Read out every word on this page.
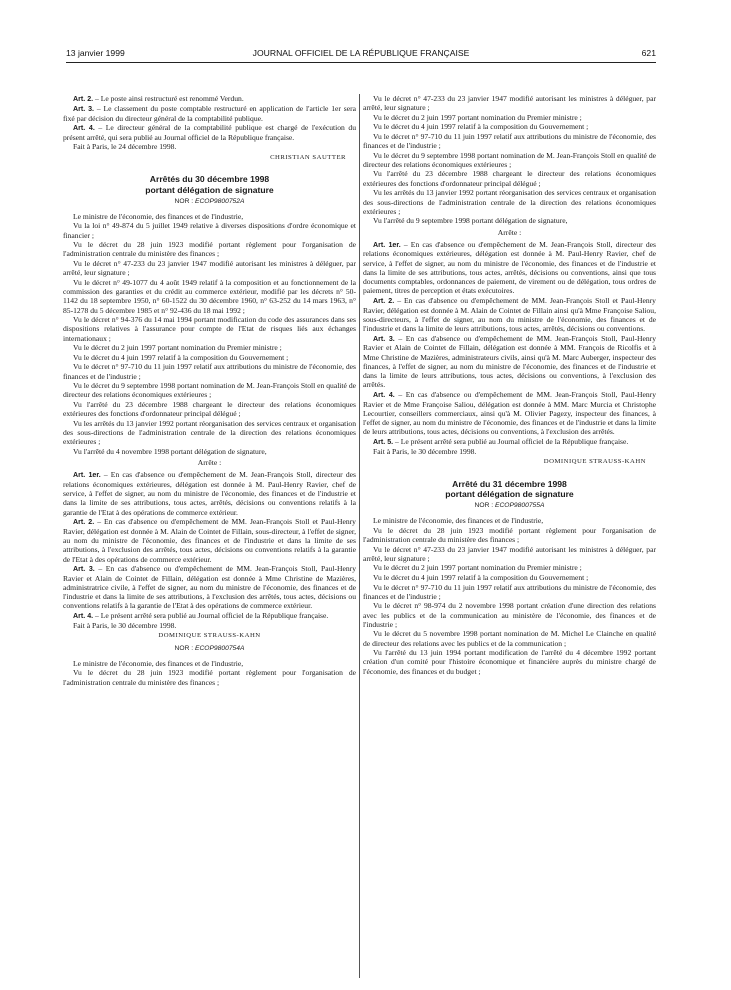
13 janvier 1999	JOURNAL OFFICIEL DE LA RÉPUBLIQUE FRANÇAISE	621

Art. 2. – Le poste ainsi restructuré est renommé Verdun.

Art. 3. – Le classement du poste comptable restructuré en application de l'article 1er sera fixé par décision du directeur général de la comptabilité publique.

Art. 4. – Le directeur général de la comptabilité publique est chargé de l'exécution du présent arrêté, qui sera publié au Journal officiel de la République française.

Fait à Paris, le 24 décembre 1998.

CHRISTIAN SAUTTER
Arrêtés du 30 décembre 1998
portant délégation de signature
NOR : ECOP9800752A

Le ministre de l'économie, des finances et de l'industrie,

Vu la loi n° 49-874 du 5 juillet 1949 relative à diverses dispositions d'ordre économique et financier ;

Vu le décret du 28 juin 1923 modifié portant règlement pour l'organisation de l'administration centrale du ministère des finances ;

Vu le décret n° 47-233 du 23 janvier 1947 modifié autorisant les ministres à déléguer, par arrêté, leur signature ;

Vu le décret n° 49-1077 du 4 août 1949 relatif à la composition et au fonctionnement de la commission des garanties et du crédit au commerce extérieur, modifié par les décrets n° 50-1142 du 18 septembre 1950, n° 60-1522 du 30 décembre 1960, n° 63-252 du 14 mars 1963, n° 85-1278 du 5 décembre 1985 et n° 92-436 du 18 mai 1992 ;

Vu le décret n° 94-376 du 14 mai 1994 portant modification du code des assurances dans ses dispositions relatives à l'assurance pour compte de l'Etat de risques liés aux échanges internationaux ;

Vu le décret du 2 juin 1997 portant nomination du Premier ministre ;

Vu le décret du 4 juin 1997 relatif à la composition du Gouvernement ;

Vu le décret n° 97-710 du 11 juin 1997 relatif aux attributions du ministre de l'économie, des finances et de l'industrie ;

Vu le décret du 9 septembre 1998 portant nomination de M. Jean-François Stoll en qualité de directeur des relations économiques extérieures ;

Vu l'arrêté du 23 décembre 1988 chargeant le directeur des relations économiques extérieures des fonctions d'ordonnateur principal délégué ;

Vu les arrêtés du 13 janvier 1992 portant réorganisation des services centraux et organisation des sous-directions de l'administration centrale de la direction des relations économiques extérieures ;

Vu l'arrêté du 4 novembre 1998 portant délégation de signature,

Arrête :

Art. 1er. – En cas d'absence ou d'empêchement de M. Jean-François Stoll, directeur des relations économiques extérieures, délégation est donnée à M. Paul-Henry Ravier, chef de service, à l'effet de signer, au nom du ministre de l'économie, des finances et de l'industrie et dans la limite de ses attributions, tous actes, arrêtés, décisions ou conventions relatifs à la garantie de l'Etat à des opérations de commerce extérieur.

Art. 2. – En cas d'absence ou d'empêchement de MM. Jean-François Stoll et Paul-Henry Ravier, délégation est donnée à M. Alain de Cointet de Fillain, sous-directeur, à l'effet de signer, au nom du ministre de l'économie, des finances et de l'industrie et dans la limite de ses attributions, à l'exclusion des arrêtés, tous actes, décisions ou conventions relatifs à la garantie de l'Etat à des opérations de commerce extérieur.

Art. 3. – En cas d'absence ou d'empêchement de MM. Jean-François Stoll, Paul-Henry Ravier et Alain de Cointet de Fillain, délégation est donnée à Mme Christine de Mazières, administratrice civile, à l'effet de signer, au nom du ministre de l'économie, des finances et de l'industrie et dans la limite de ses attributions, à l'exclusion des arrêtés, tous actes, décisions ou conventions relatifs à la garantie de l'Etat à des opérations de commerce extérieur.

Art. 4. – Le présent arrêté sera publié au Journal officiel de la République française.

Fait à Paris, le 30 décembre 1998.

DOMINIQUE STRAUSS-KAHN
NOR : ECOP9800754A

Le ministre de l'économie, des finances et de l'industrie,

Vu le décret du 28 juin 1923 modifié portant règlement pour l'organisation de l'administration centrale du ministère des finances ;

Vu le décret n° 47-233 du 23 janvier 1947 modifié autorisant les ministres à déléguer, par arrêté, leur signature ;

Vu le décret du 2 juin 1997 portant nomination du Premier ministre ;

Vu le décret du 4 juin 1997 relatif à la composition du Gouvernement ;

Vu le décret n° 97-710 du 11 juin 1997 relatif aux attributions du ministre de l'économie, des finances et de l'industrie ;

Vu le décret du 9 septembre 1998 portant nomination de M. Jean-François Stoll en qualité de directeur des relations économiques extérieures ;

Vu l'arrêté du 23 décembre 1988 chargeant le directeur des relations économiques extérieures des fonctions d'ordonnateur principal délégué ;

Vu les arrêtés du 13 janvier 1992 portant réorganisation des services centraux et organisation des sous-directions de l'administration centrale de la direction des relations économiques extérieures ;

Vu l'arrêté du 9 septembre 1998 portant délégation de signature,

Arrête :

Art. 1er. – En cas d'absence ou d'empêchement de M. Jean-François Stoll, directeur des relations économiques extérieures, délégation est donnée à M. Paul-Henry Ravier, chef de service, à l'effet de signer, au nom du ministre de l'économie, des finances et de l'industrie et dans la limite de ses attributions, tous actes, arrêtés, décisions ou conventions, ainsi que tous documents comptables, ordonnances de paiement, de virement ou de délégation, tous ordres de paiement, titres de perception et états exécutoires.

Art. 2. – En cas d'absence ou d'empêchement de MM. Jean-François Stoll et Paul-Henry Ravier, délégation est donnée à M. Alain de Cointet de Fillain ainsi qu'à Mme Françoise Saliou, sous-directeurs, à l'effet de signer, au nom du ministre de l'économie, des finances et de l'industrie et dans la limite de leurs attributions, tous actes, arrêtés, décisions ou conventions.

Art. 3. – En cas d'absence ou d'empêchement de MM. Jean-François Stoll, Paul-Henry Ravier et Alain de Cointet de Fillain, délégation est donnée à MM. François de Ricolfis et à Mme Christine de Mazières, administrateurs civils, ainsi qu'à M. Marc Auberger, inspecteur des finances, à l'effet de signer, au nom du ministre de l'économie, des finances et de l'industrie et dans la limite de leurs attributions, tous actes, décisions ou conventions, à l'exclusion des arrêtés.

Art. 4. – En cas d'absence ou d'empêchement de MM. Jean-François Stoll, Paul-Henry Ravier et de Mme Françoise Saliou, délégation est donnée à MM. Marc Murcia et Christophe Lecourtier, conseillers commerciaux, ainsi qu'à M. Olivier Pagezy, inspecteur des finances, à l'effet de signer, au nom du ministre de l'économie, des finances et de l'industrie et dans la limite de leurs attributions, tous actes, décisions ou conventions, à l'exclusion des arrêtés.

Art. 5. – Le présent arrêté sera publié au Journal officiel de la République française.

Fait à Paris, le 30 décembre 1998.

DOMINIQUE STRAUSS-KAHN
Arrêté du 31 décembre 1998
portant délégation de signature
NOR : ECOP9800755A

Le ministre de l'économie, des finances et de l'industrie,

Vu le décret du 28 juin 1923 modifié portant règlement pour l'organisation de l'administration centrale du ministère des finances ;

Vu le décret n° 47-233 du 23 janvier 1947 modifié autorisant les ministres à déléguer, par arrêté, leur signature ;

Vu le décret du 2 juin 1997 portant nomination du Premier ministre ;

Vu le décret du 4 juin 1997 relatif à la composition du Gouvernement ;

Vu le décret n° 97-710 du 11 juin 1997 relatif aux attributions du ministre de l'économie, des finances et de l'industrie ;

Vu le décret n° 98-974 du 2 novembre 1998 portant création d'une direction des relations avec les publics et de la communication au ministère de l'économie, des finances et de l'industrie ;

Vu le décret du 5 novembre 1998 portant nomination de M. Michel Le Clainche en qualité de directeur des relations avec les publics et de la communication ;

Vu l'arrêté du 13 juin 1994 portant modification de l'arrêté du 4 décembre 1992 portant création d'un comité pour l'histoire économique et financière auprès du ministre chargé de l'économie, des finances et du budget ;
